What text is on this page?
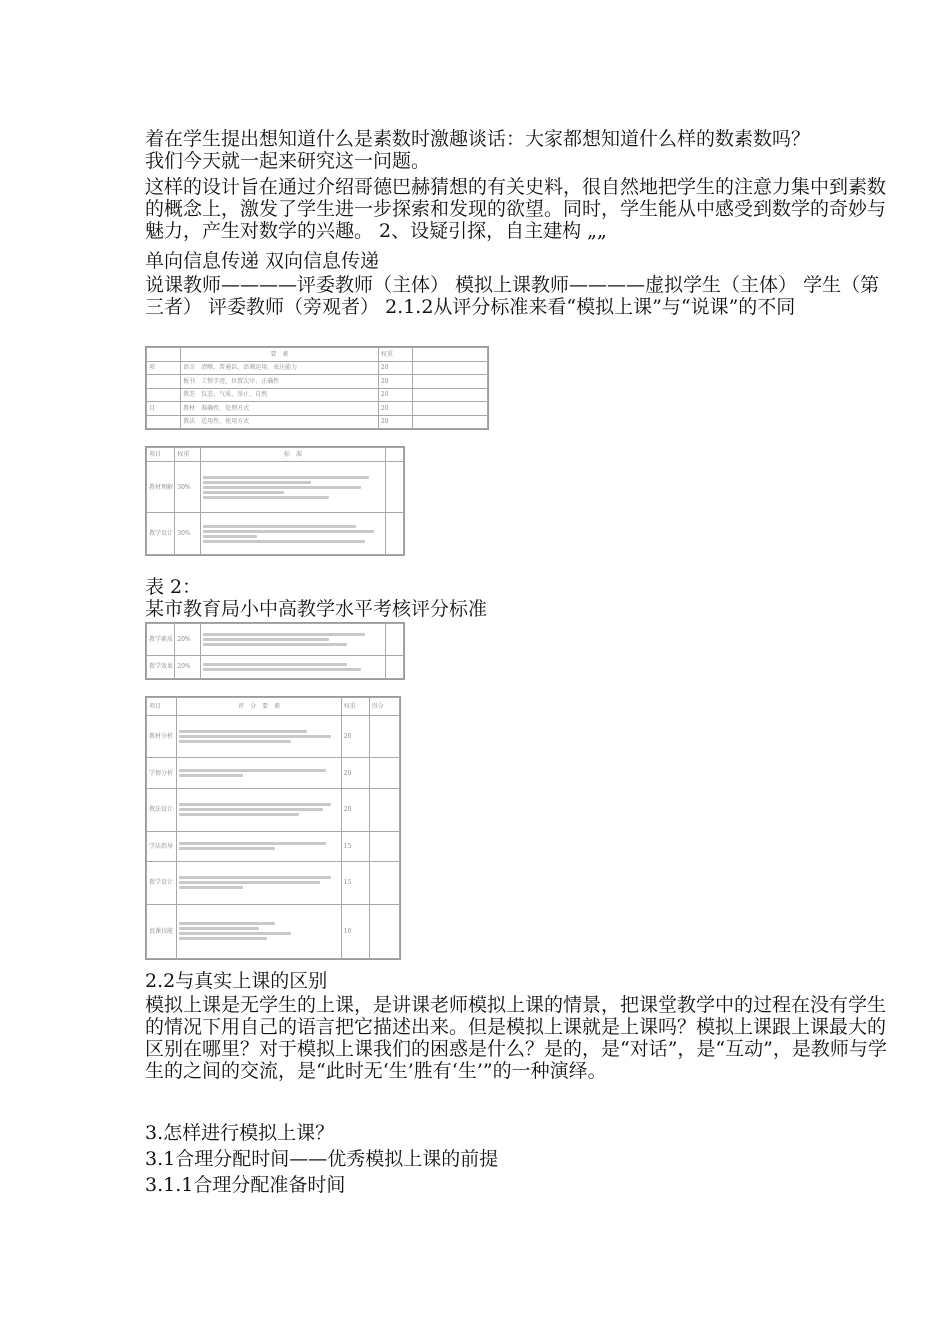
着在学生提出想知道什么是素数时激趣谈话：大家都想知道什么样的数素数吗？
我们今天就一起来研究这一问题。
这样的设计旨在通过介绍哥德巴赫猜想的有关史料，很自然地把学生的注意力集中到素数的概念上，激发了学生进一步探索和发现的欲望。同时，学生能从中感受到数学的奇妙与魅力，产生对数学的兴趣。 2、设疑引探，自主建构 „„
单向信息传递 双向信息传递
说课教师————评委教师（主体） 模拟上课教师————虚拟学生（主体） 学生（第三者） 评委教师（旁观者） 2.1.2从评分标准来看“模拟上课”与“说课”的不同
	要　素	权重	
项	语言　 清晰、普通话、语调运用、表达能力	20	
	板书　 工整字迹、位置次序、正确性	20	
	教态　 仪态、气质、举止、自然	20	
目	教材　 准确性、处理方式	20	
	教法　 适用性、使用方式	20	
项目	权重	标　准	
教材理解	30%	

教学设计	30%	

表 2：
某市教育局小中高教学水平考核评分标准
教学素质	20%	

教学效果	20%	

项目	评　分　要　素	权重	得分
教材分析		20	
学情分析		20	
教法设计		20	
学法指导		15	
教学设计		15	
说课技能		10	
2.2与真实上课的区别
模拟上课是无学生的上课，是讲课老师模拟上课的情景，把课堂教学中的过程在没有学生的情况下用自己的语言把它描述出来。但是模拟上课就是上课吗？模拟上课跟上课最大的区别在哪里？对于模拟上课我们的困惑是什么？是的，是“对话”，是“互动”，是教师与学生的之间的交流，是“此时无‘生’胜有‘生’”的一种演绎。
3.怎样进行模拟上课？
3.1合理分配时间——优秀模拟上课的前提
3.1.1合理分配准备时间
